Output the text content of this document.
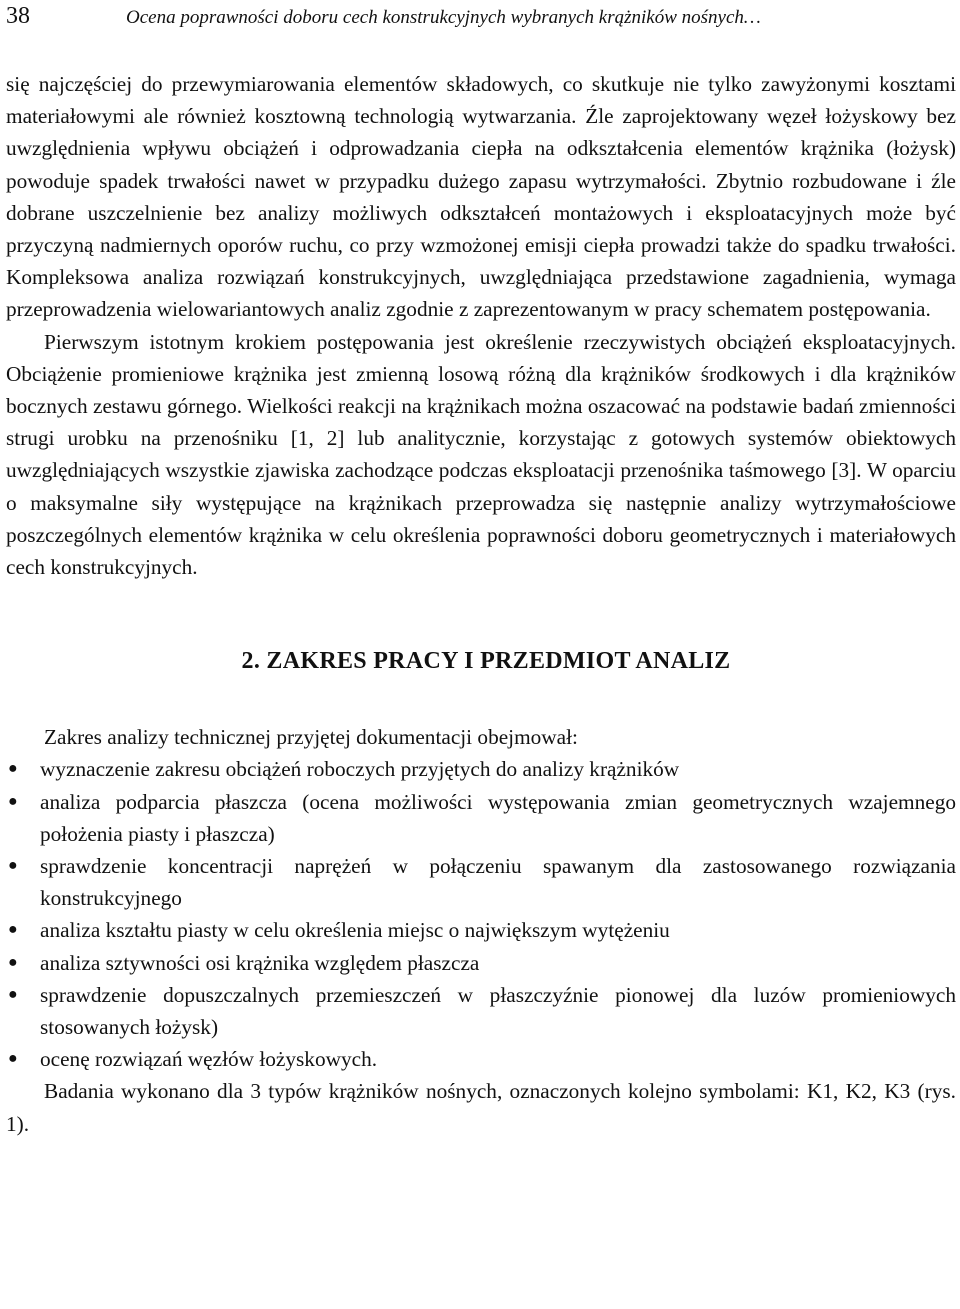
38	Ocena poprawności doboru cech konstrukcyjnych wybranych krążników nośnych…

się najczęściej do przewymiarowania elementów składowych, co skutkuje nie tylko zawyżonymi kosztami materiałowymi ale również kosztowną technologią wytwarzania. Źle zaprojektowany węzeł łożyskowy bez uwzględnienia wpływu obciążeń i odprowadzania ciepła na odkształcenia elementów krążnika (łożysk) powoduje spadek trwałości nawet w przypadku dużego zapasu wytrzymałości. Zbytnio rozbudowane i źle dobrane uszczelnienie bez analizy możliwych odkształceń montażowych i eksploatacyjnych może być przyczyną nadmiernych oporów ruchu, co przy wzmożonej emisji ciepła prowadzi także do spadku trwałości. Kompleksowa analiza rozwiązań konstrukcyjnych, uwzględniająca przedstawione zagadnienia, wymaga przeprowadzenia wielowariantowych analiz zgodnie z zaprezentowanym w pracy schematem postępowania.

Pierwszym istotnym krokiem postępowania jest określenie rzeczywistych obciążeń eksploatacyjnych. Obciążenie promieniowe krążnika jest zmienną losową różną dla krążników środkowych i dla krążników bocznych zestawu górnego. Wielkości reakcji na krążnikach można oszacować na podstawie badań zmienności strugi urobku na przenośniku [1, 2] lub analitycznie, korzystając z gotowych systemów obiektowych uwzględniających wszystkie zjawiska zachodzące podczas eksploatacji przenośnika taśmowego [3]. W oparciu o maksymalne siły występujące na krążnikach przeprowadza się następnie analizy wytrzymałościowe poszczególnych elementów krążnika w celu określenia poprawności doboru geometrycznych i materiałowych cech konstrukcyjnych.

2. ZAKRES PRACY I PRZEDMIOT ANALIZ

Zakres analizy technicznej przyjętej dokumentacji obejmował:

● wyznaczenie zakresu obciążeń roboczych przyjętych do analizy krążników
● analiza podparcia płaszcza (ocena możliwości występowania zmian geometrycznych wzajemnego położenia piasty i płaszcza)
● sprawdzenie koncentracji naprężeń w połączeniu spawanym dla zastosowanego rozwiązania konstrukcyjnego
● analiza kształtu piasty w celu określenia miejsc o największym wytężeniu
● analiza sztywności osi krążnika względem płaszcza
● sprawdzenie dopuszczalnych przemieszczeń w płaszczyźnie pionowej dla luzów promieniowych stosowanych łożysk)
● ocenę rozwiązań węzłów łożyskowych.

Badania wykonano dla 3 typów krążników nośnych, oznaczonych kolejno symbolami: K1, K2, K3 (rys. 1).
